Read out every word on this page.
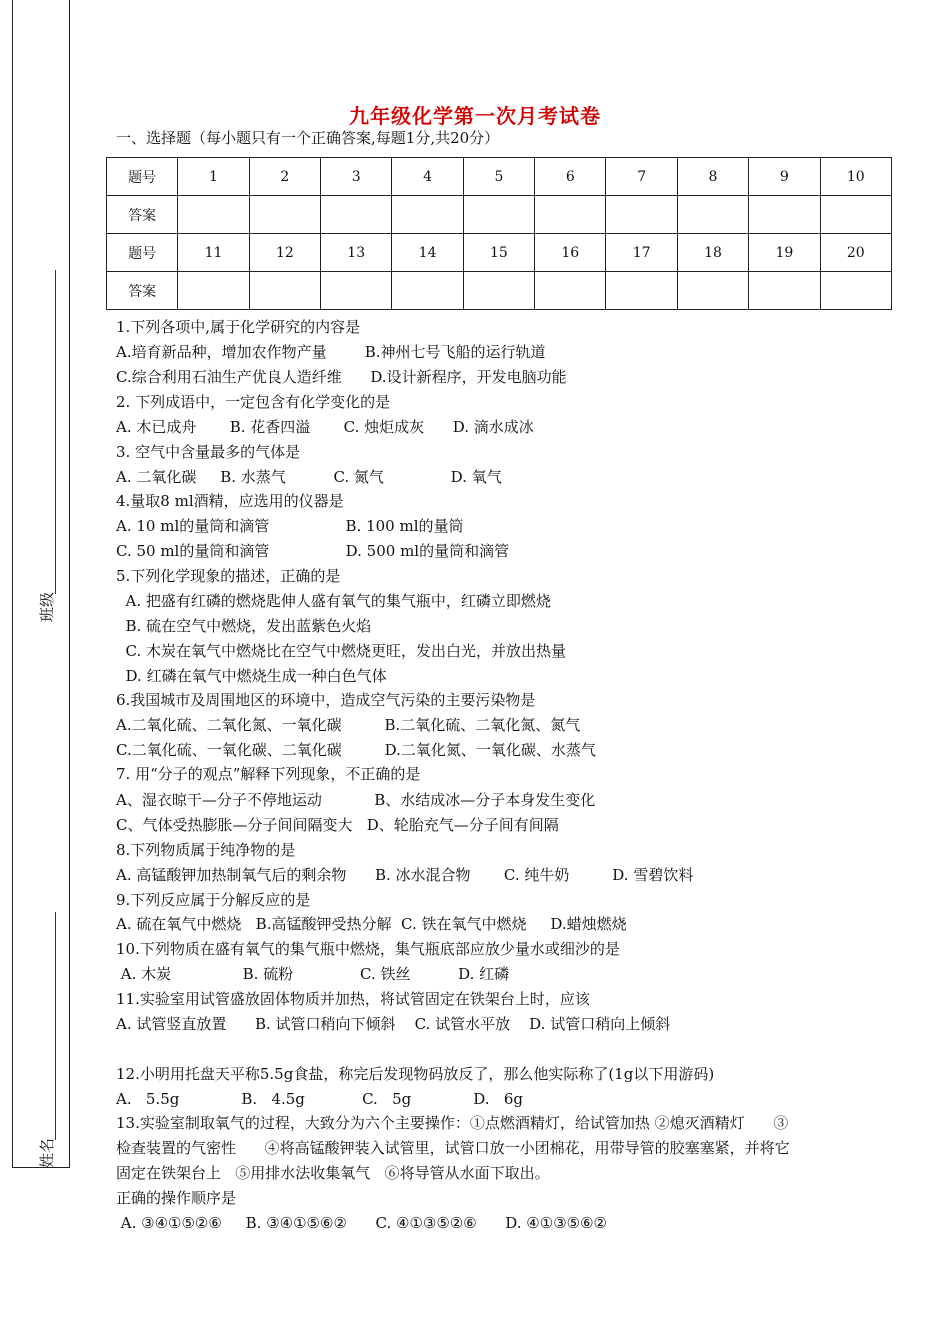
班级
姓名
九年级化学第一次月考试卷
一、选择题（每小题只有一个正确答案,每题1分,共20分）
题号	1	2	3	4	5	6	7	8	9	10
答案										
题号	11	12	13	14	15	16	17	18	19	20
答案										
1.下列各项中,属于化学研究的内容是
A.培育新品种，增加农作物产量        B.神州七号飞船的运行轨道
C.综合利用石油生产优良人造纤维      D.设计新程序，开发电脑功能
2. 下列成语中，一定包含有化学变化的是
A. 木已成舟       B. 花香四溢       C. 烛炬成灰      D. 滴水成冰
3. 空气中含量最多的气体是
A. 二氧化碳     B. 水蒸气          C. 氮气              D. 氧气
4.量取8 ml酒精，应选用的仪器是
A. 10 ml的量筒和滴管                B. 100 ml的量筒
C. 50 ml的量筒和滴管                D. 500 ml的量筒和滴管
5.下列化学现象的描述，正确的是
A. 把盛有红磷的燃烧匙伸人盛有氧气的集气瓶中，红磷立即燃烧
B. 硫在空气中燃烧，发出蓝紫色火焰
C. 木炭在氧气中燃烧比在空气中燃烧更旺，发出白光，并放出热量
D. 红磷在氧气中燃烧生成一种白色气体
6.我国城市及周围地区的环境中，造成空气污染的主要污染物是
A.二氧化硫、二氧化氮、一氧化碳         B.二氧化硫、二氧化氮、氮气
C.二氧化硫、一氧化碳、二氧化碳         D.二氧化氮、一氧化碳、水蒸气
7. 用“分子的观点”解释下列现象，不正确的是
A、湿衣晾干—分子不停地运动           B、水结成冰—分子本身发生变化
C、气体受热膨胀—分子间间隔变大   D、轮胎充气—分子间有间隔
8.下列物质属于纯净物的是
A. 高锰酸钾加热制氧气后的剩余物      B. 冰水混合物       C. 纯牛奶         D. 雪碧饮料
9.下列反应属于分解反应的是
A. 硫在氧气中燃烧   B.高锰酸钾受热分解  C. 铁在氧气中燃烧     D.蜡烛燃烧
10.下列物质在盛有氧气的集气瓶中燃烧，集气瓶底部应放少量水或细沙的是
A. 木炭               B. 硫粉              C. 铁丝          D. 红磷
11.实验室用试管盛放固体物质并加热，将试管固定在铁架台上时，应该
A. 试管竖直放置      B. 试管口稍向下倾斜    C. 试管水平放    D. 试管口稍向上倾斜
12.小明用托盘天平称5.5g食盐，称完后发现物码放反了，那么他实际称了(1g以下用游码)
A.   5.5g             B.   4.5g            C.   5g             D.   6g
13.实验室制取氧气的过程，大致分为六个主要操作：①点燃酒精灯，给试管加热 ②熄灭酒精灯      ③
检查装置的气密性      ④将高锰酸钾装入试管里，试管口放一小团棉花，用带导管的胶塞塞紧，并将它
固定在铁架台上   ⑤用排水法收集氧气   ⑥将导管从水面下取出。
正确的操作顺序是
A. ③④①⑤②⑥     B. ③④①⑤⑥②      C. ④①③⑤②⑥      D. ④①③⑤⑥②
